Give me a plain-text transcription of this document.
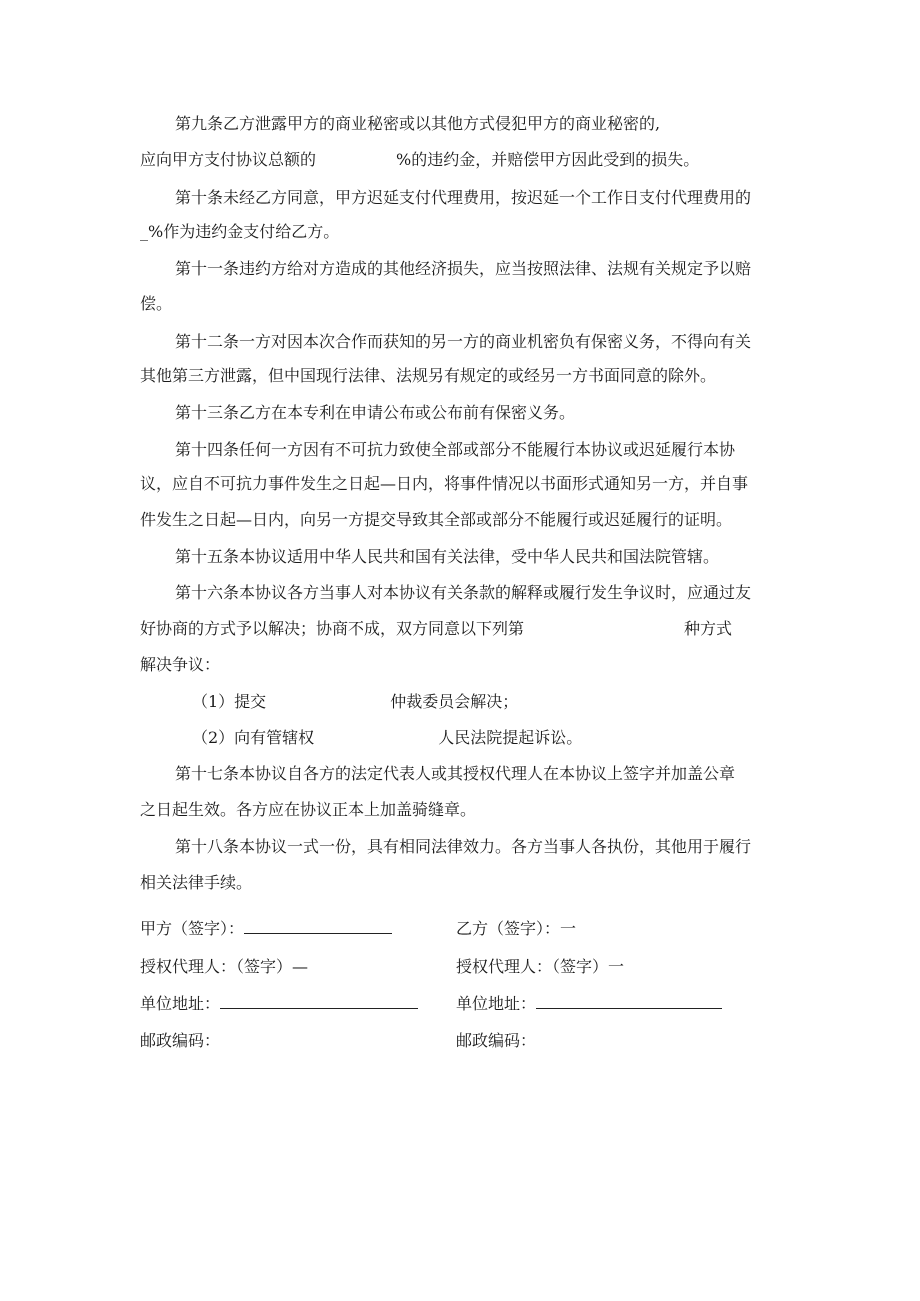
第九条乙方泄露甲方的商业秘密或以其他方式侵犯甲方的商业秘密的,
应向甲方支付协议总额的	%的违约金，并赔偿甲方因此受到的损失。
第十条未经乙方同意，甲方迟延支付代理费用，按迟延一个工作日支付代理费用的
_%作为违约金支付给乙方。
第十一条违约方给对方造成的其他经济损失，应当按照法律、法规有关规定予以赔
偿。
第十二条一方对因本次合作而获知的另一方的商业机密负有保密义务，不得向有关
其他第三方泄露，但中国现行法律、法规另有规定的或经另一方书面同意的除外。
第十三条乙方在本专利在申请公布或公布前有保密义务。
第十四条任何一方因有不可抗力致使全部或部分不能履行本协议或迟延履行本协
议，应自不可抗力事件发生之日起—日内，将事件情况以书面形式通知另一方，并自事
件发生之日起—日内，向另一方提交导致其全部或部分不能履行或迟延履行的证明。
第十五条本协议适用中华人民共和国有关法律，受中华人民共和国法院管辖。
第十六条本协议各方当事人对本协议有关条款的解释或履行发生争议时，应通过友
好协商的方式予以解决；协商不成，双方同意以下列第	种方式
解决争议：
（1）提交	仲裁委员会解决；
（2）向有管辖权	人民法院提起诉讼。
第十七条本协议自各方的法定代表人或其授权代理人在本协议上签字并加盖公章
之日起生效。各方应在协议正本上加盖骑缝章。
第十八条本协议一式一份，具有相同法律效力。各方当事人各执份，其他用于履行
相关法律手续。
甲方（签字）：	乙方（签字）：一
授权代理人：（签字）—	授权代理人：（签字）一
单位地址：	单位地址：
邮政编码：	邮政编码：
